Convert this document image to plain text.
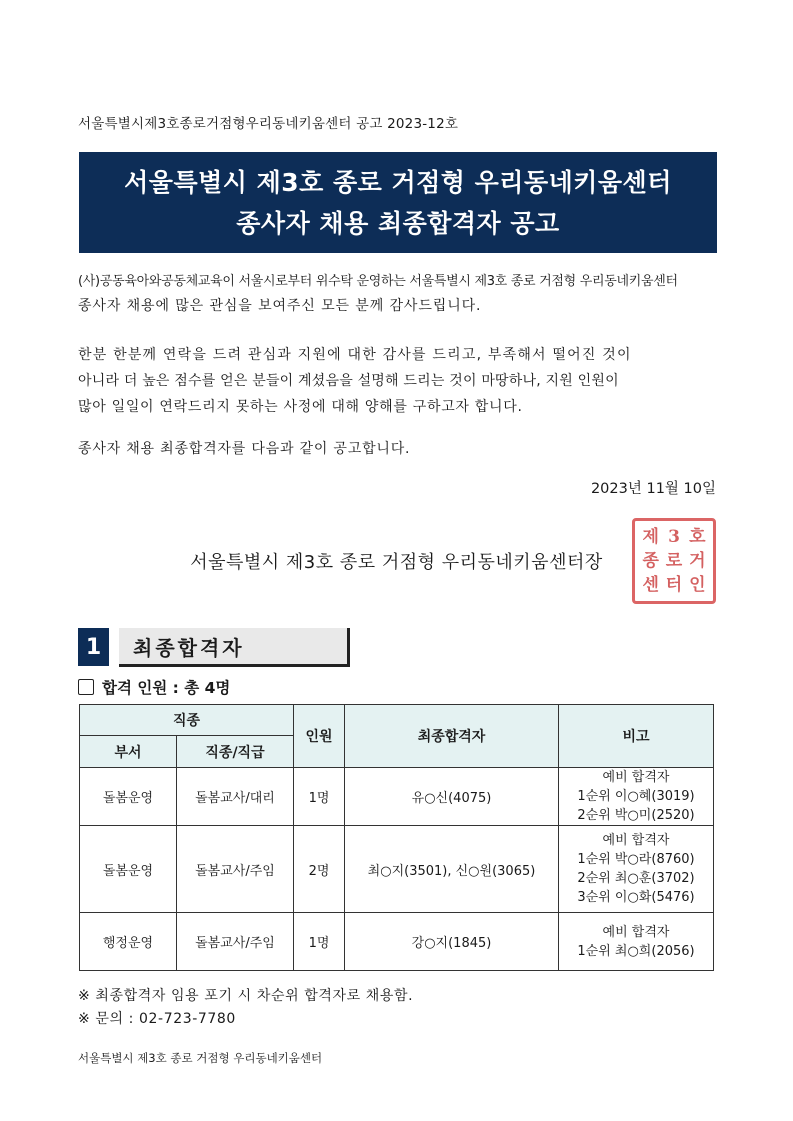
서울특별시제3호종로거점형우리동네키움센터 공고 2023-12호
서울특별시 제3호 종로 거점형 우리동네키움센터
종사자 채용 최종합격자 공고
(사)공동육아와공동체교육이 서울시로부터 위수탁 운영하는 서울특별시 제3호 종로 거점형 우리동네키움센터
종사자 채용에 많은 관심을 보여주신 모든 분께 감사드립니다.
한분 한분께 연락을 드려 관심과 지원에 대한 감사를 드리고, 부족해서 떨어진 것이
아니라 더 높은 점수를 얻은 분들이 계셨음을 설명해 드리는 것이 마땅하나, 지원 인원이
많아 일일이 연락드리지 못하는 사정에 대해 양해를 구하고자 합니다.
종사자 채용 최종합격자를 다음과 같이 공고합니다.
2023년 11월 10일
제 3 호
종 로 거
센 터 인
서울특별시 제3호 종로 거점형 우리동네키움센터장
1	최종합격자
합격 인원 : 총 4명
직종		인원	최종합격자	비고
부서	직종/직급			
돌봄운영	돌봄교사/대리	1명	유○신(4075)	예비 합격자
1순위 이○혜(3019)
2순위 박○미(2520)

돌봄운영	돌봄교사/주임	2명	최○지(3501), 신○원(3065)	예비 합격자
1순위 박○라(8760)
2순위 최○훈(3702)
3순위 이○화(5476)

행정운영	돌봄교사/주임	1명	강○지(1845)	예비 합격자
1순위 최○희(2056)
※ 최종합격자 임용 포기 시 차순위 합격자로 채용함.
※ 문의 : 02-723-7780
서울특별시 제3호 종로 거점형 우리동네키움센터
